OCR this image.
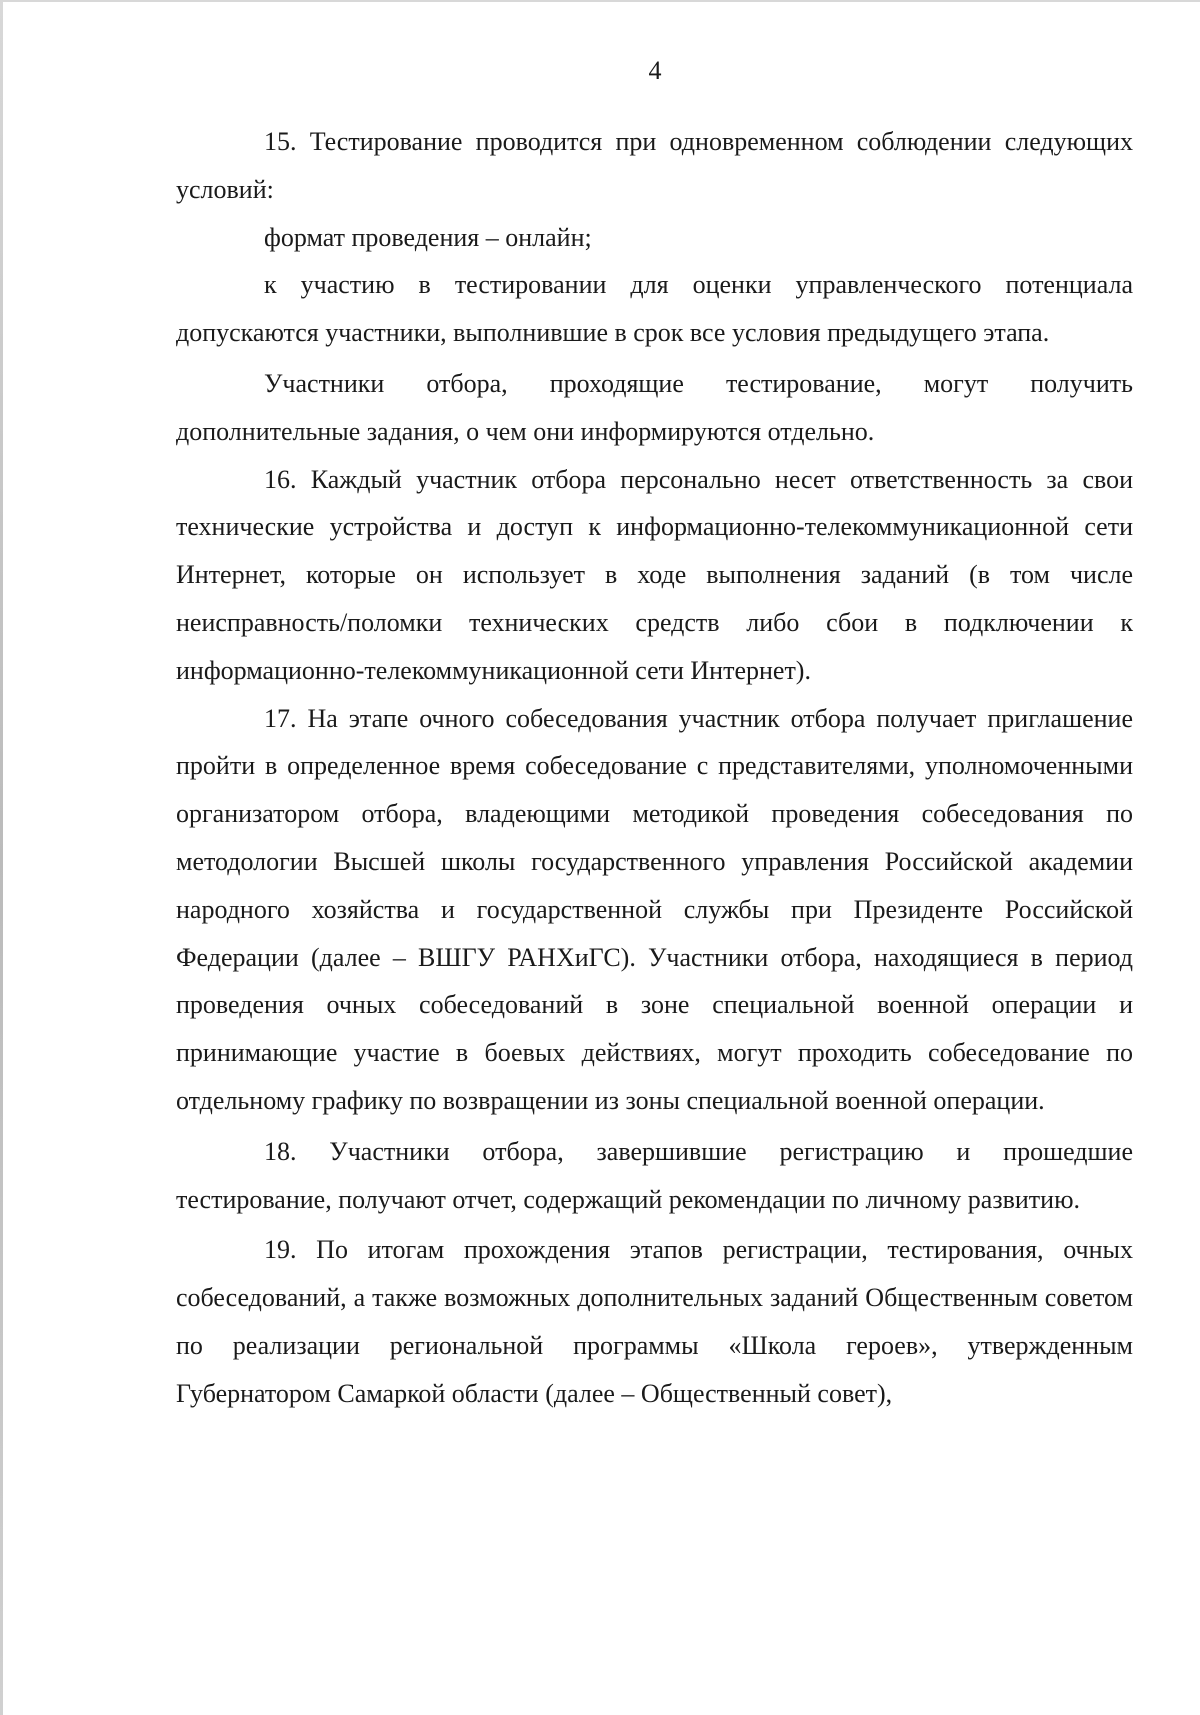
4

15. Тестирование проводится при одновременном соблюдении следующих условий:

формат проведения – онлайн;

к участию в тестировании для оценки управленческого потенциала допускаются участники, выполнившие в срок все условия предыдущего этапа.

Участники отбора, проходящие тестирование, могут получить дополнительные задания, о чем они информируются отдельно.

16. Каждый участник отбора персонально несет ответственность за свои технические устройства и доступ к информационно-телекоммуникационной сети Интернет, которые он использует в ходе выполнения заданий (в том числе неисправность/поломки технических средств либо сбои в подключении к информационно-телекоммуникационной сети Интернет).

17. На этапе очного собеседования участник отбора получает приглашение пройти в определенное время собеседование с представителями, уполномоченными организатором отбора, владеющими методикой проведения собеседования по методологии Высшей школы государственного управления Российской академии народного хозяйства и государственной службы при Президенте Российской Федерации (далее – ВШГУ РАНХиГС). Участники отбора, находящиеся в период проведения очных собеседований в зоне специальной военной операции и принимающие участие в боевых действиях, могут проходить собеседование по отдельному графику по возвращении из зоны специальной военной операции.

18. Участники отбора, завершившие регистрацию и прошедшие тестирование, получают отчет, содержащий рекомендации по личному развитию.

19. По итогам прохождения этапов регистрации, тестирования, очных собеседований, а также возможных дополнительных заданий Общественным советом по реализации региональной программы «Школа героев», утвержденным Губернатором Самаркой области (далее – Общественный совет),
